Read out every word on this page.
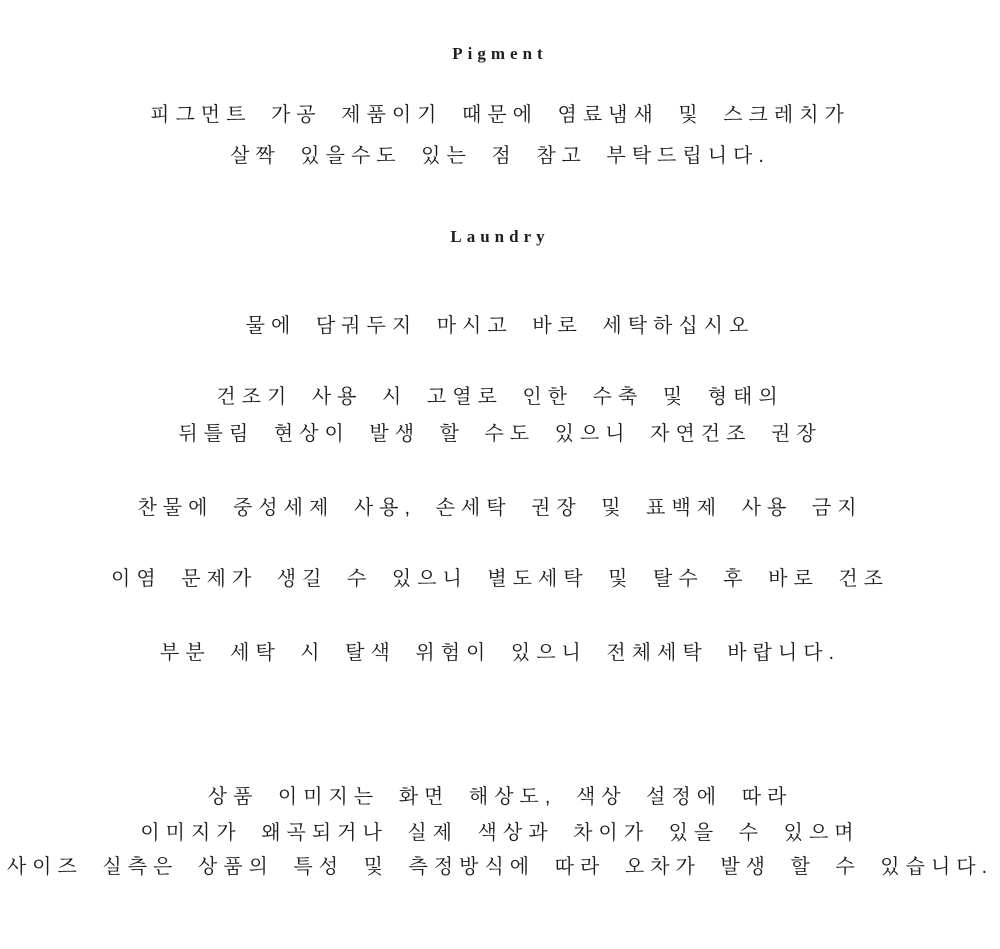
Pigment
피그먼트 가공 제품이기 때문에 염료냄새 및 스크레치가
살짝 있을수도 있는 점 참고 부탁드립니다.
Laundry
물에 담궈두지 마시고 바로 세탁하십시오
건조기 사용 시 고열로 인한 수축 및 형태의
뒤틀림 현상이 발생 할 수도 있으니 자연건조 권장
찬물에 중성세제 사용, 손세탁 권장 및 표백제 사용 금지
이염 문제가 생길 수 있으니 별도세탁 및 탈수 후 바로 건조
부분 세탁 시 탈색 위험이 있으니 전체세탁 바랍니다.
상품 이미지는 화면 해상도, 색상 설정에 따라
이미지가 왜곡되거나 실제 색상과 차이가 있을 수 있으며
사이즈 실측은 상품의 특성 및 측정방식에 따라 오차가 발생 할 수 있습니다.
